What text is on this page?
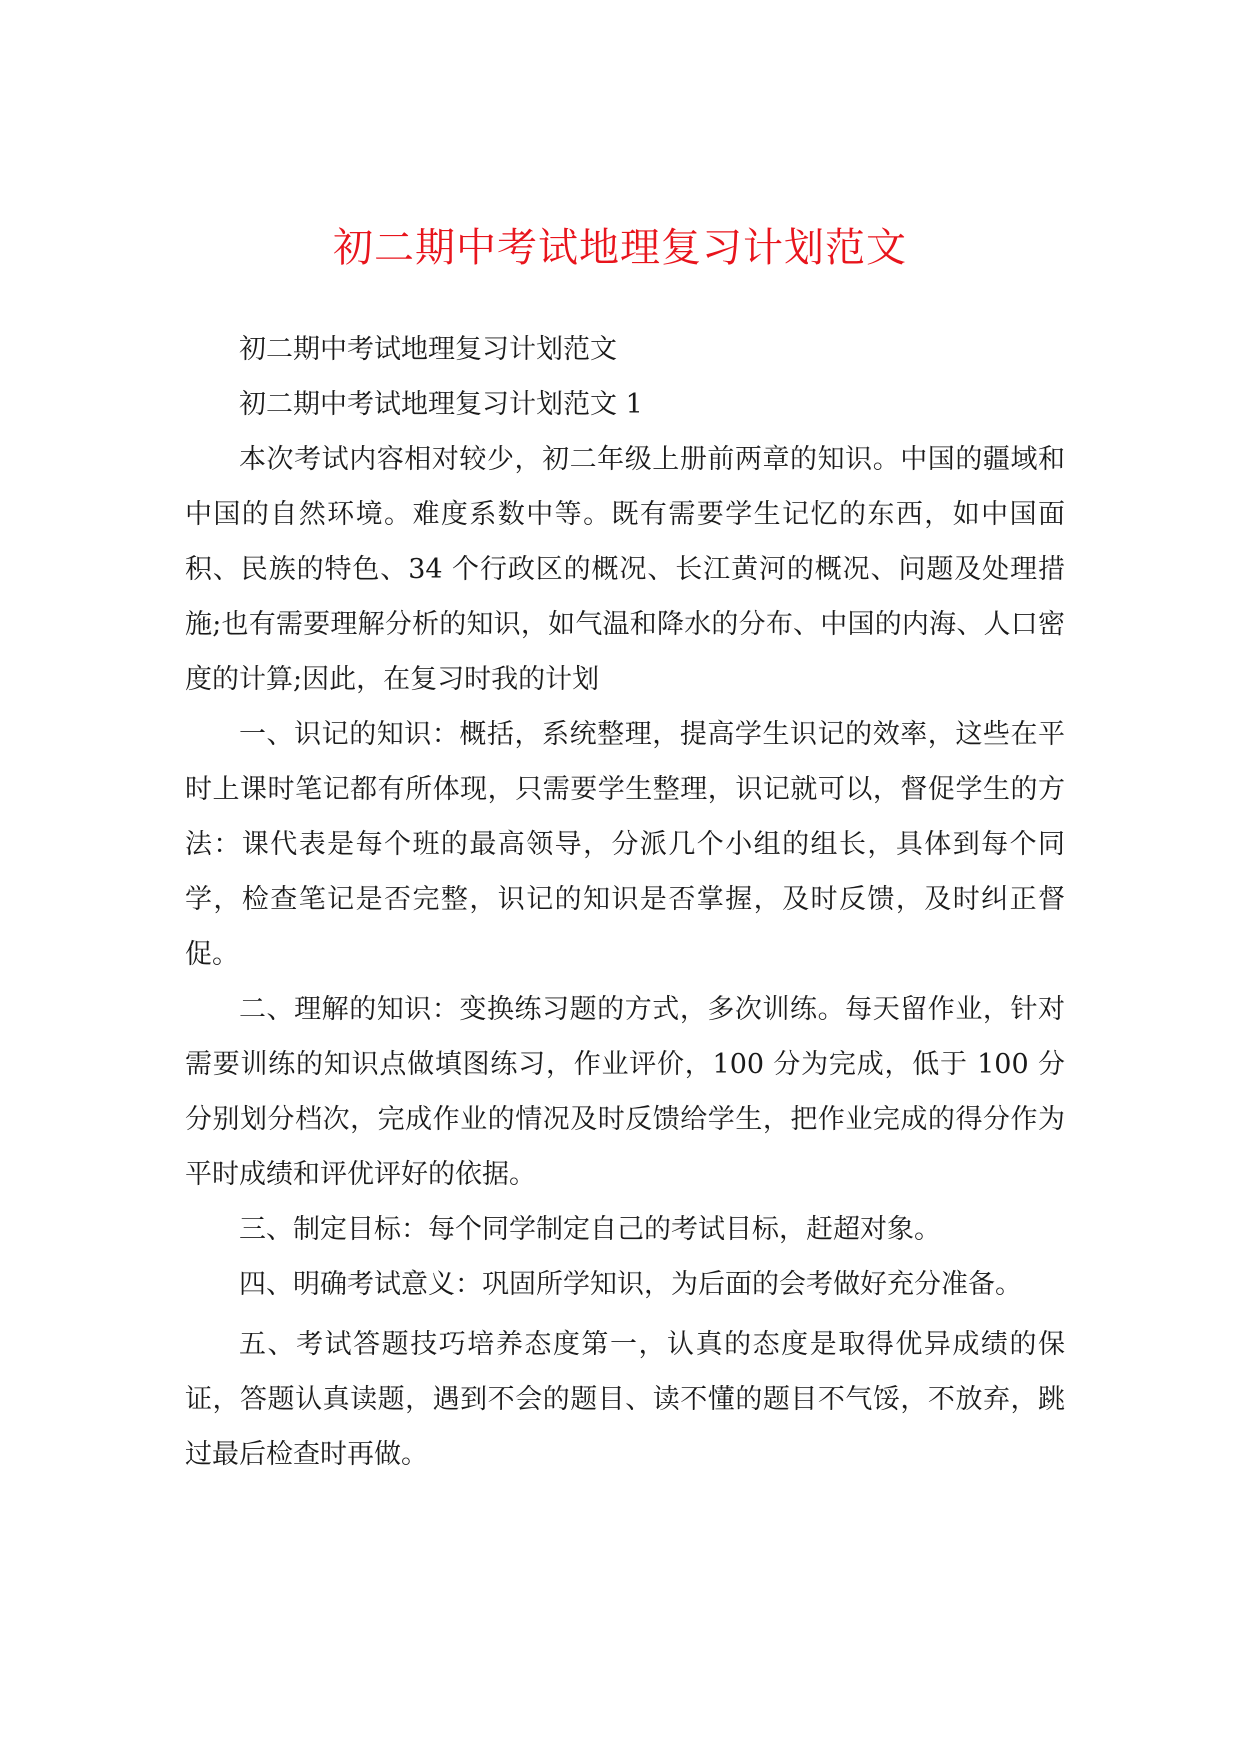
初二期中考试地理复习计划范文

初二期中考试地理复习计划范文

初二期中考试地理复习计划范文 1

本次考试内容相对较少，初二年级上册前两章的知识。中国的疆域和中国的自然环境。难度系数中等。既有需要学生记忆的东西，如中国面积、民族的特色、34 个行政区的概况、长江黄河的概况、问题及处理措施;也有需要理解分析的知识，如气温和降水的分布、中国的内海、人口密度的计算;因此，在复习时我的计划

一、识记的知识：概括，系统整理，提高学生识记的效率，这些在平时上课时笔记都有所体现，只需要学生整理，识记就可以，督促学生的方法：课代表是每个班的最高领导，分派几个小组的组长，具体到每个同学，检查笔记是否完整，识记的知识是否掌握，及时反馈，及时纠正督促。

二、理解的知识：变换练习题的方式，多次训练。每天留作业，针对需要训练的知识点做填图练习，作业评价，100 分为完成，低于 100 分分别划分档次，完成作业的情况及时反馈给学生，把作业完成的得分作为平时成绩和评优评好的依据。

三、制定目标：每个同学制定自己的考试目标，赶超对象。

四、明确考试意义：巩固所学知识，为后面的会考做好充分准备。

五、考试答题技巧培养态度第一，认真的态度是取得优异成绩的保证，答题认真读题，遇到不会的题目、读不懂的题目不气馁，不放弃，跳过最后检查时再做。
